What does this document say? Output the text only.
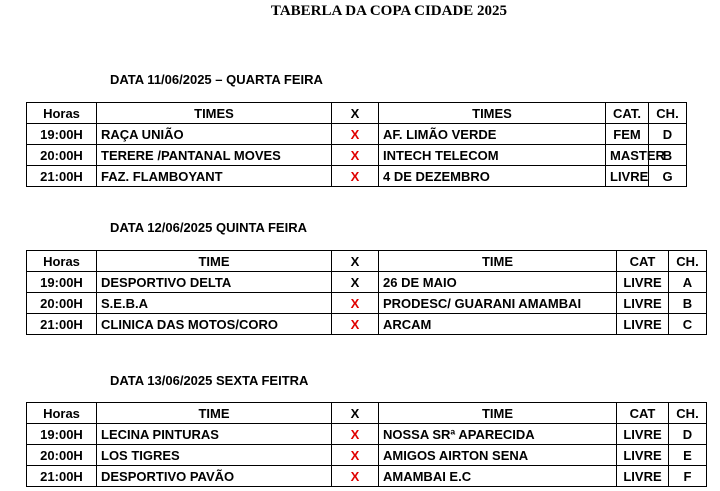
TABERLA DA COPA CIDADE 2025
DATA 11/06/2025 – QUARTA FEIRA
Horas	TIMES	X	TIMES	CAT.	CH.
19:00H	RAÇA UNIÃO	X	AF. LIMÃO VERDE	FEM	D
20:00H	TERERE /PANTANAL MOVES	X	INTECH TELECOM	MASTER	B
21:00H	FAZ. FLAMBOYANT	X	4 DE DEZEMBRO	LIVRE	G
DATA 12/06/2025 QUINTA FEIRA
Horas	TIME	X	TIME	CAT	CH.
19:00H	DESPORTIVO DELTA	X	26 DE MAIO	LIVRE	A
20:00H	S.E.B.A	X	PRODESC/ GUARANI AMAMBAI	LIVRE	B
21:00H	CLINICA DAS MOTOS/CORO	X	ARCAM	LIVRE	C
DATA 13/06/2025 SEXTA FEITRA
Horas	TIME	X	TIME	CAT	CH.
19:00H	LECINA PINTURAS	X	NOSSA SRª APARECIDA	LIVRE	D
20:00H	LOS TIGRES	X	AMIGOS AIRTON SENA	LIVRE	E
21:00H	DESPORTIVO PAVÃO	X	AMAMBAI E.C	LIVRE	F
